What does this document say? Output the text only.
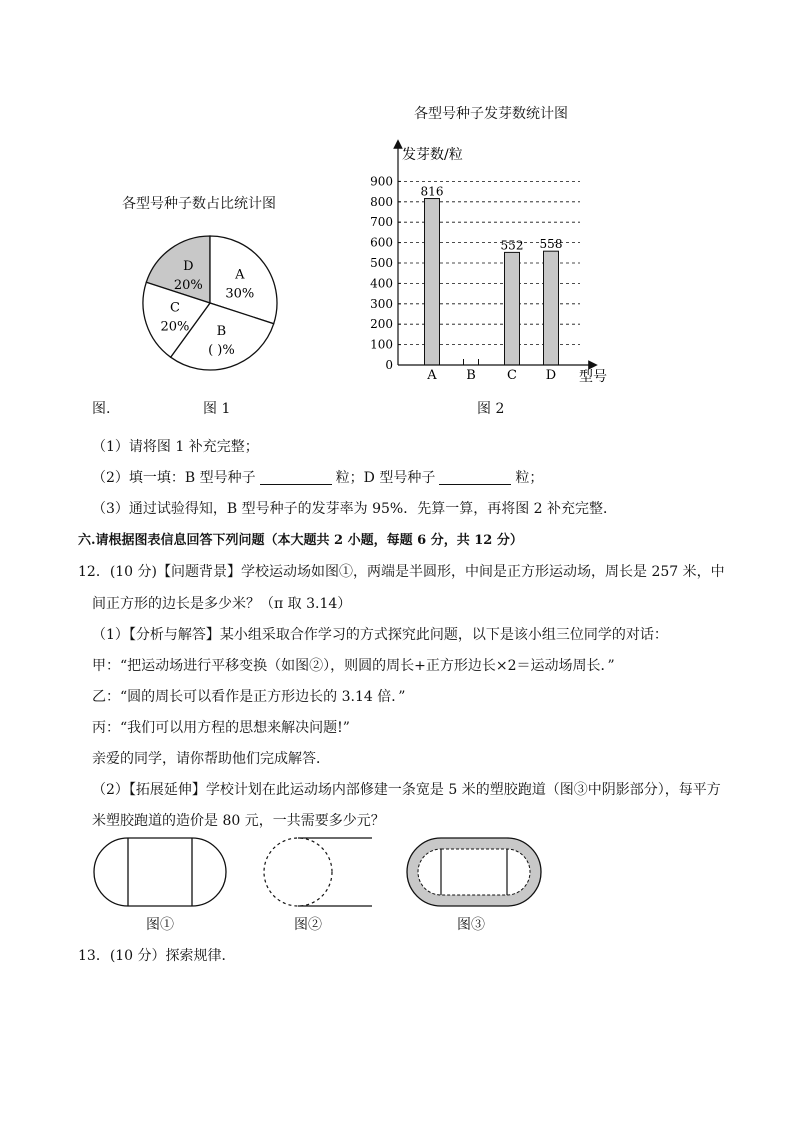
各型号种子发芽数统计图
各型号种子数占比统计图
D
20%
A
30%
B
( )%
C
20%
0
100
200
300
400
500
600
700
800
900
发芽数/粒
型号
A
816
B C
552
D
558
图.	图 1	图 2
（1）请将图 1 补充完整；
（2）填一填：B 型号种子	粒；D 型号种子	粒；
（3）通过试验得知，B 型号种子的发芽率为 95%．先算一算，再将图 2 补充完整．
六.请根据图表信息回答下列问题（本大题共 2 小题，每题 6 分，共 12 分）
12．(10 分)【问题背景】学校运动场如图①，两端是半圆形，中间是正方形运动场，周长是 257 米，中
间正方形的边长是多少米？（π 取 3.14）
（1）【分析与解答】某小组采取合作学习的方式探究此问题，以下是该小组三位同学的对话：
甲：“把运动场进行平移变换（如图②），则圆的周长+正方形边长×2＝运动场周长．”
乙：“圆的周长可以看作是正方形边长的 3.14 倍．”
丙：“我们可以用方程的思想来解决问题!”
亲爱的同学，请你帮助他们完成解答．
（2）【拓展延伸】学校计划在此运动场内部修建一条宽是 5 米的塑胶跑道（图③中阴影部分），每平方
米塑胶跑道的造价是 80 元，一共需要多少元？
图①	图②	图③
13．(10 分）探索规律．
